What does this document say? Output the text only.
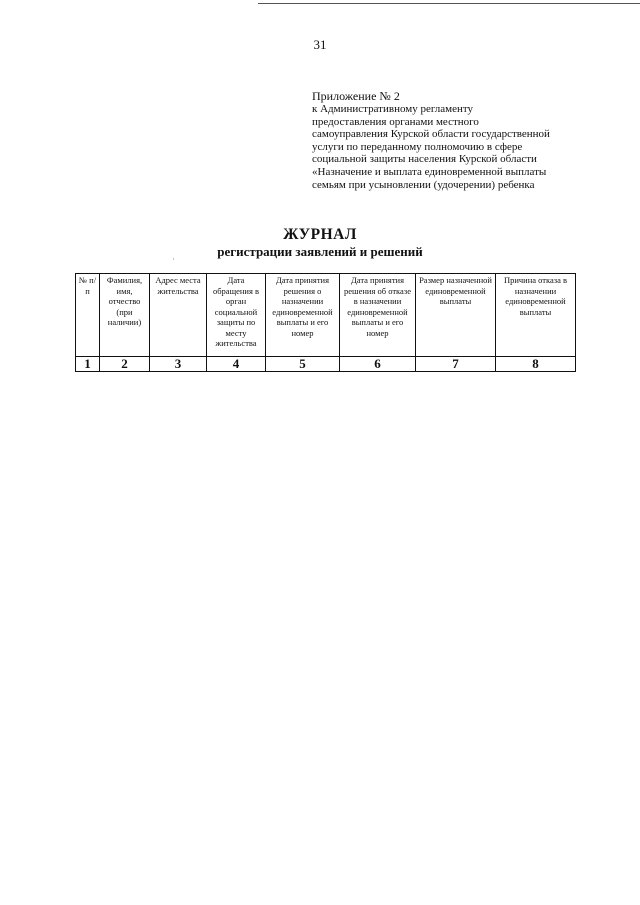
31
Приложение № 2
к Административному регламенту
предоставления органами местного
самоуправления Курской области государственной
услуги по переданному полномочию в сфере
социальной защиты населения Курской области
«Назначение и выплата единовременной выплаты
семьям при усыновлении (удочерении) ребенка
ЖУРНАЛ
регистрации заявлений и решений
·
№ п/п	Фамилия, имя, отчество (при наличии)	Адрес места жительства	Дата обращения в орган социальной защиты по месту жительства	Дата принятия решения о назначении единовременной выплаты и его номер	Дата принятия решения об отказе в назначении единовременной выплаты и его номер	Размер назначенной единовременной выплаты	Причина отказа в назначении единовременной выплаты
1	2	3	4	5	6	7	8
